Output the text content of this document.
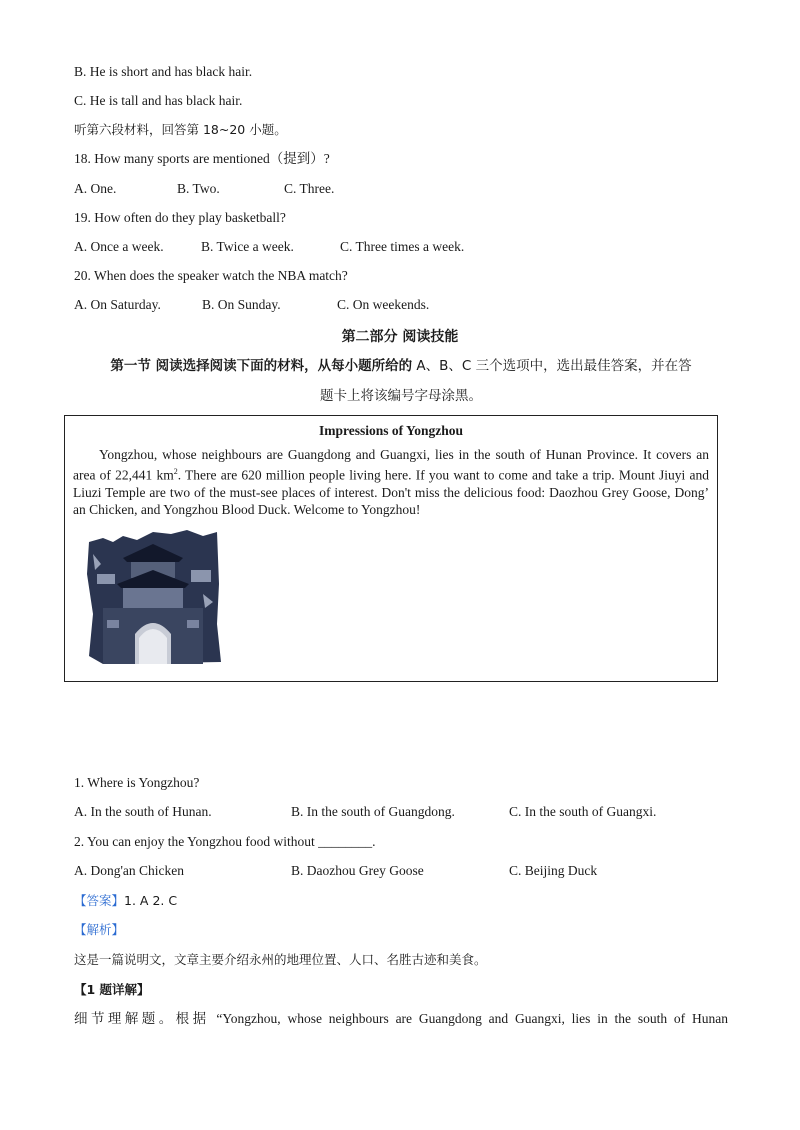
B. He is short and has black hair.
C. He is tall and has black hair.
听第六段材料，回答第 18~20 小题。
18. How many sports are mentioned（提到）?
A. One.	B. Two.	C. Three.
19. How often do they play basketball?
A. Once a week.	B. Twice a week.	C. Three times a week.
20. When does the speaker watch the NBA match?
A. On Saturday.	B. On Sunday.	C. On weekends.
第二部分 阅读技能
第一节 阅读选择阅读下面的材料，从每小题所给的 A、B、C 三个选项中，选出最佳答案，并在答
题卡上将该编号字母涂黑。
Impressions of Yongzhou
Yongzhou, whose neighbours are Guangdong and Guangxi, lies in the south of Hunan Province. It covers an area of 22,441 $km^2$. There are 620 million people living here. If you want to come and take a trip. Mount Jiuyi and Liuzi Temple are two of the must-see places of interest. Don't miss the delicious food: Daozhou Grey Goose, Dong’ an Chicken, and Yongzhou Blood Duck. Welcome to Yongzhou!
1. Where is Yongzhou?
A. In the south of Hunan.	B. In the south of Guangdong.	C. In the south of Guangxi.
2. You can enjoy the Yongzhou food without ________.
A. Dong'an Chicken	B. Daozhou Grey Goose	C. Beijing Duck
【答案】1. A 2. C
【解析】
这是一篇说明文，文章主要介绍永州的地理位置、人口、名胜古迹和美食。
【1 题详解】
细节理解题。根据 “Yongzhou, whose neighbours are Guangdong and Guangxi, lies in the south of Hunan
